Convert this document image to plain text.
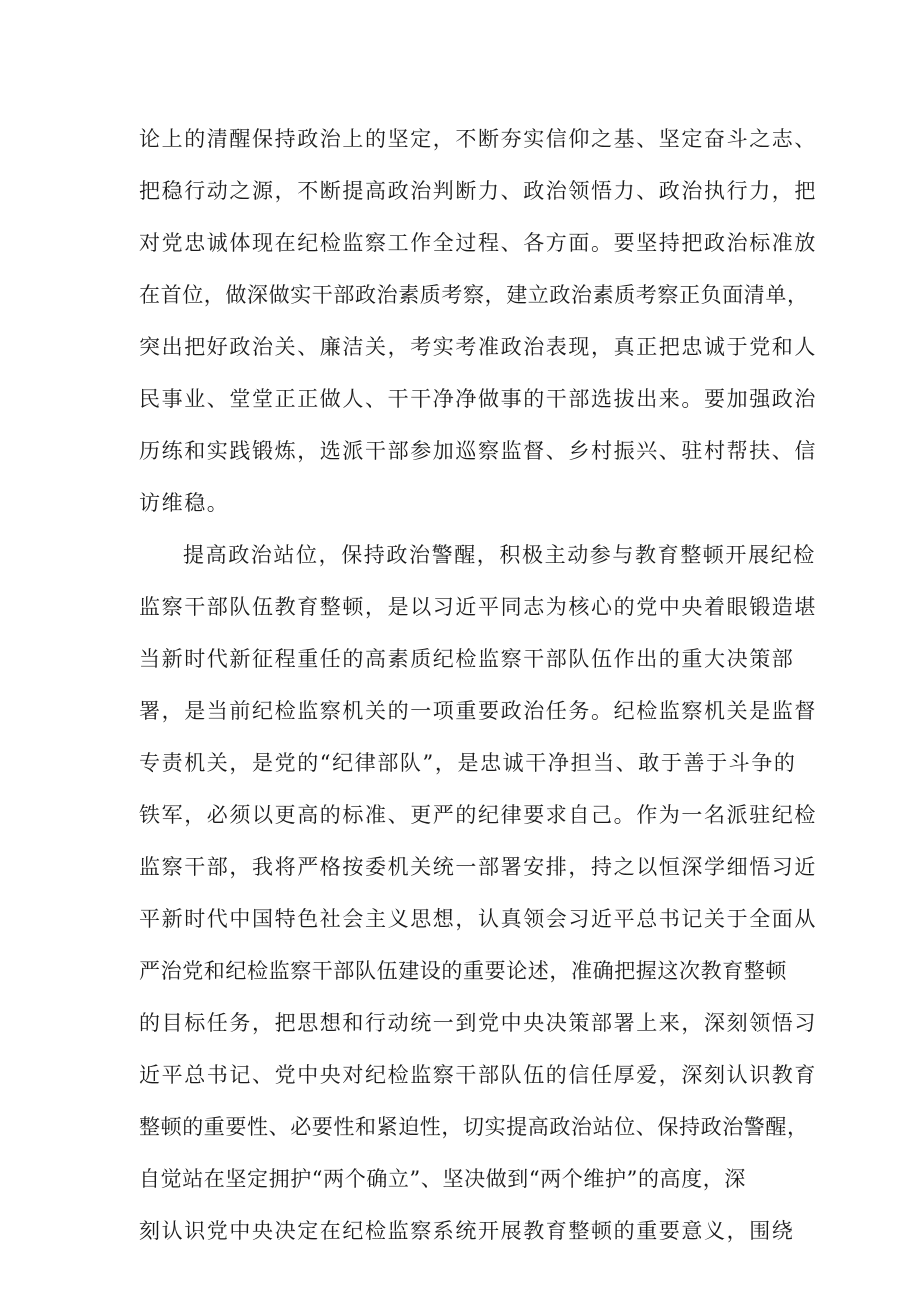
论上的清醒保持政治上的坚定，不断夯实信仰之基、坚定奋斗之志、
把稳行动之源，不断提高政治判断力、政治领悟力、政治执行力，把
对党忠诚体现在纪检监察工作全过程、各方面。要坚持把政治标准放
在首位，做深做实干部政治素质考察，建立政治素质考察正负面清单，
突出把好政治关、廉洁关，考实考准政治表现，真正把忠诚于党和人
民事业、堂堂正正做人、干干净净做事的干部选拔出来。要加强政治
历练和实践锻炼，选派干部参加巡察监督、乡村振兴、驻村帮扶、信
访维稳。
提高政治站位，保持政治警醒，积极主动参与教育整顿开展纪检
监察干部队伍教育整顿，是以习近平同志为核心的党中央着眼锻造堪
当新时代新征程重任的高素质纪检监察干部队伍作出的重大决策部
署，是当前纪检监察机关的一项重要政治任务。纪检监察机关是监督
专责机关，是党的“纪律部队”，是忠诚干净担当、敢于善于斗争的
铁军，必须以更高的标准、更严的纪律要求自己。作为一名派驻纪检
监察干部，我将严格按委机关统一部署安排，持之以恒深学细悟习近
平新时代中国特色社会主义思想，认真领会习近平总书记关于全面从
严治党和纪检监察干部队伍建设的重要论述，准确把握这次教育整顿
的目标任务，把思想和行动统一到党中央决策部署上来，深刻领悟习
近平总书记、党中央对纪检监察干部队伍的信任厚爱，深刻认识教育
整顿的重要性、必要性和紧迫性，切实提高政治站位、保持政治警醒，
自觉站在坚定拥护“两个确立”、坚决做到“两个维护”的高度，深
刻认识党中央决定在纪检监察系统开展教育整顿的重要意义，围绕
